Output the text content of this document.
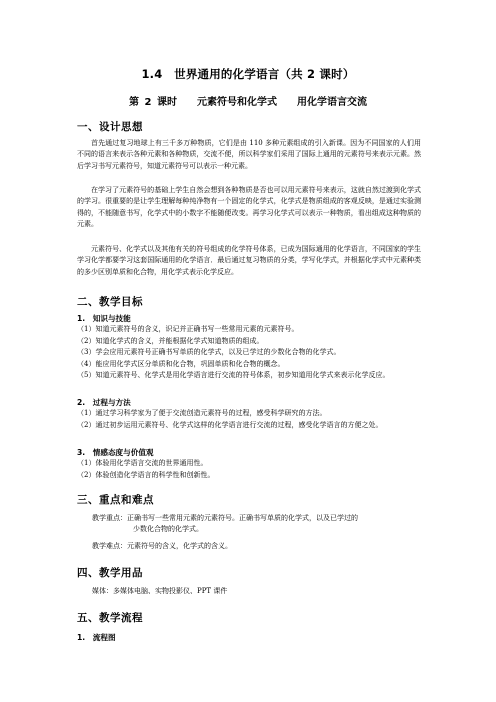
1.4　世界通用的化学语言（共 2 课时）
第 2 课时　　元素符号和化学式　　用化学语言交流
一、设计思想
首先通过复习地球上有三千多万种物质，它们是由 110 多种元素组成的引入新课。因为不同国家的人们用不同的语言来表示各种元素和各种物质，交流不便，所以科学家们采用了国际上通用的元素符号来表示元素。然后学习书写元素符号，知道元素符号可以表示一种元素。
在学习了元素符号的基础上学生自然会想到各种物质是否也可以用元素符号来表示，这就自然过渡到化学式的学习。很重要的是让学生理解每种纯净物有一个固定的化学式，化学式是物质组成的客观反映，是通过实验测得的，不能随意书写，化学式中的小数字不能随便改变。再学习化学式可以表示一种物质，看出组成这种物质的元素。
元素符号、化学式以及其他有关的符号组成的化学符号体系，已成为国际通用的化学语言，不同国家的学生学习化学都要学习这套国际通用的化学语言．最后通过复习物质的分类，学写化学式，并根据化学式中元素种类的多少区别单质和化合物，用化学式表示化学反应。
二、教学目标
1.　知识与技能
（1）知道元素符号的含义，识记并正确书写一些常用元素的元素符号。
（2）知道化学式的含义，并能根据化学式知道物质的组成。
（3）学会应用元素符号正确书写单质的化学式，以及已学过的少数化合物的化学式。
（4）能应用化学式区分单质和化合物，巩固单质和化合物的概念。
（5）知道元素符号、化学式是用化学语言进行交流的符号体系，初步知道用化学式来表示化学反应。
2.　过程与方法
（1）通过学习科学家为了便于交流创造元素符号的过程，感受科学研究的方法。
（2）通过初步运用元素符号、化学式这样的化学语言进行交流的过程，感受化学语言的方便之处。
3.　情感态度与价值观
（1）体验用化学语言交流的世界通用性。
（2）体验创造化学语言的科学性和创新性。
三、重点和难点
教学重点：正确书写一些常用元素的元素符号。正确书写单质的化学式，以及已学过的
少数化合物的化学式。
教学难点：元素符号的含义，化学式的含义。
四、教学用品
媒体：多媒体电脑、实物投影仪、PPT 课件
五、教学流程
1.　流程图
